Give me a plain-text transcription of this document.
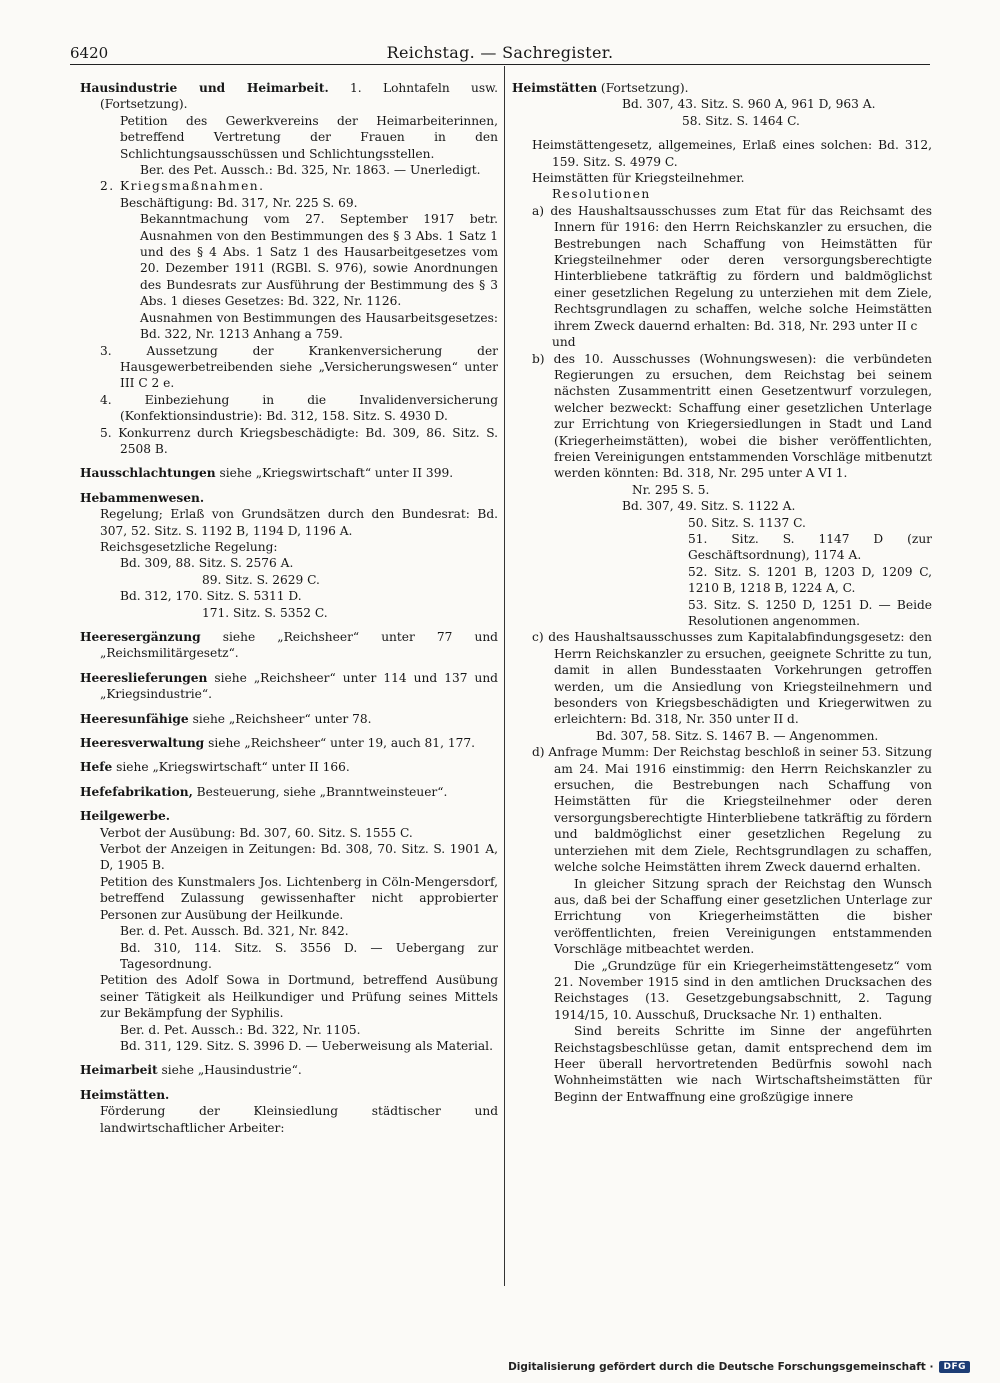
6420	Reichstag. — Sachregister.

Hausindustrie und Heimarbeit. 1. Lohntafeln usw. (Fortsetzung).

Petition des Gewerkvereins der Heimarbeiterinnen, betreffend Vertretung der Frauen in den Schlichtungsausschüssen und Schlichtungsstellen.

Ber. des Pet. Aussch.: Bd. 325, Nr. 1863. — Unerledigt.

2. Kriegsmaßnahmen.

Beschäftigung: Bd. 317, Nr. 225 S. 69.

Bekanntmachung vom 27. September 1917 betr. Ausnahmen von den Bestimmungen des § 3 Abs. 1 Satz 1 und des § 4 Abs. 1 Satz 1 des Hausarbeitgesetzes vom 20. Dezember 1911 (RGBl. S. 976), sowie Anordnungen des Bundesrats zur Ausführung der Bestimmung des § 3 Abs. 1 dieses Gesetzes: Bd. 322, Nr. 1126.

Ausnahmen von Bestimmungen des Hausarbeitsgesetzes: Bd. 322, Nr. 1213 Anhang a 759.

3. Aussetzung der Krankenversicherung der Hausgewerbetreibenden siehe „Versicherungswesen“ unter III C 2 e.

4. Einbeziehung in die Invalidenversicherung (Konfektionsindustrie): Bd. 312, 158. Sitz. S. 4930 D.

5. Konkurrenz durch Kriegsbeschädigte: Bd. 309, 86. Sitz. S. 2508 B.

Hausschlachtungen siehe „Kriegswirtschaft“ unter II 399.

Hebammenwesen.

Regelung; Erlaß von Grundsätzen durch den Bundesrat: Bd. 307, 52. Sitz. S. 1192 B, 1194 D, 1196 A.

Reichsgesetzliche Regelung:

Bd. 309, 88. Sitz. S. 2576 A.

89. Sitz. S. 2629 C.

Bd. 312, 170. Sitz. S. 5311 D.

171. Sitz. S. 5352 C.

Heeresergänzung siehe „Reichsheer“ unter 77 und „Reichsmilitärgesetz“.

Heereslieferungen siehe „Reichsheer“ unter 114 und 137 und „Kriegsindustrie“.

Heeresunfähige siehe „Reichsheer“ unter 78.

Heeresverwaltung siehe „Reichsheer“ unter 19, auch 81, 177.

Hefe siehe „Kriegswirtschaft“ unter II 166.

Hefefabrikation, Besteuerung, siehe „Branntweinsteuer“.

Heilgewerbe.

Verbot der Ausübung: Bd. 307, 60. Sitz. S. 1555 C.

Verbot der Anzeigen in Zeitungen: Bd. 308, 70. Sitz. S. 1901 A, D, 1905 B.

Petition des Kunstmalers Jos. Lichtenberg in Cöln-Mengersdorf, betreffend Zulassung gewissenhafter nicht approbierter Personen zur Ausübung der Heilkunde.

Ber. d. Pet. Aussch. Bd. 321, Nr. 842.

Bd. 310, 114. Sitz. S. 3556 D. — Uebergang zur Tagesordnung.

Petition des Adolf Sowa in Dortmund, betreffend Ausübung seiner Tätigkeit als Heilkundiger und Prüfung seines Mittels zur Bekämpfung der Syphilis.

Ber. d. Pet. Aussch.: Bd. 322, Nr. 1105.

Bd. 311, 129. Sitz. S. 3996 D. — Ueberweisung als Material.

Heimarbeit siehe „Hausindustrie“.

Heimstätten.

Förderung der Kleinsiedlung städtischer und landwirtschaftlicher Arbeiter:

Heimstätten (Fortsetzung).

Bd. 307, 43. Sitz. S. 960 A, 961 D, 963 A.

58. Sitz. S. 1464 C.

Heimstättengesetz, allgemeines, Erlaß eines solchen: Bd. 312, 159. Sitz. S. 4979 C.

Heimstätten für Kriegsteilnehmer.

Resolutionen

a) des Haushaltsausschusses zum Etat für das Reichsamt des Innern für 1916: den Herrn Reichskanzler zu ersuchen, die Bestrebungen nach Schaffung von Heimstätten für Kriegsteilnehmer oder deren versorgungsberechtigte Hinterbliebene tatkräftig zu fördern und baldmöglichst einer gesetzlichen Regelung zu unterziehen mit dem Ziele, Rechtsgrundlagen zu schaffen, welche solche Heimstätten ihrem Zweck dauernd erhalten: Bd. 318, Nr. 293 unter II c

und

b) des 10. Ausschusses (Wohnungswesen): die verbündeten Regierungen zu ersuchen, dem Reichstag bei seinem nächsten Zusammentritt einen Gesetzentwurf vorzulegen, welcher bezweckt: Schaffung einer gesetzlichen Unterlage zur Errichtung von Kriegersiedlungen in Stadt und Land (Kriegerheimstätten), wobei die bisher veröffentlichten, freien Vereinigungen entstammenden Vorschläge mitbenutzt werden könnten: Bd. 318, Nr. 295 unter A VI 1.

Nr. 295 S. 5.

Bd. 307, 49. Sitz. S. 1122 A.

50. Sitz. S. 1137 C.

51. Sitz. S. 1147 D (zur Geschäftsordnung), 1174 A.

52. Sitz. S. 1201 B, 1203 D, 1209 C, 1210 B, 1218 B, 1224 A, C.

53. Sitz. S. 1250 D, 1251 D. — Beide Resolutionen angenommen.

c) des Haushaltsausschusses zum Kapitalabfindungsgesetz: den Herrn Reichskanzler zu ersuchen, geeignete Schritte zu tun, damit in allen Bundesstaaten Vorkehrungen getroffen werden, um die Ansiedlung von Kriegsteilnehmern und besonders von Kriegsbeschädigten und Kriegerwitwen zu erleichtern: Bd. 318, Nr. 350 unter II d.

Bd. 307, 58. Sitz. S. 1467 B. — Angenommen.

d) Anfrage Mumm: Der Reichstag beschloß in seiner 53. Sitzung am 24. Mai 1916 einstimmig: den Herrn Reichskanzler zu ersuchen, die Bestrebungen nach Schaffung von Heimstätten für die Kriegsteilnehmer oder deren versorgungsberechtigte Hinterbliebene tatkräftig zu fördern und baldmöglichst einer gesetzlichen Regelung zu unterziehen mit dem Ziele, Rechtsgrundlagen zu schaffen, welche solche Heimstätten ihrem Zweck dauernd erhalten.

In gleicher Sitzung sprach der Reichstag den Wunsch aus, daß bei der Schaffung einer gesetzlichen Unterlage zur Errichtung von Kriegerheimstätten die bisher veröffentlichten, freien Vereinigungen entstammenden Vorschläge mitbeachtet werden.

Die „Grundzüge für ein Kriegerheimstättengesetz“ vom 21. November 1915 sind in den amtlichen Drucksachen des Reichstages (13. Gesetzgebungsabschnitt, 2. Tagung 1914/15, 10. Ausschuß, Drucksache Nr. 1) enthalten.

Sind bereits Schritte im Sinne der angeführten Reichstagsbeschlüsse getan, damit entsprechend dem im Heer überall hervortretenden Bedürfnis sowohl nach Wohnheimstätten wie nach Wirtschaftsheimstätten für Beginn der Entwaffnung eine großzügige innere

Digitalisierung gefördert durch die Deutsche Forschungsgemeinschaft ·	DFG
